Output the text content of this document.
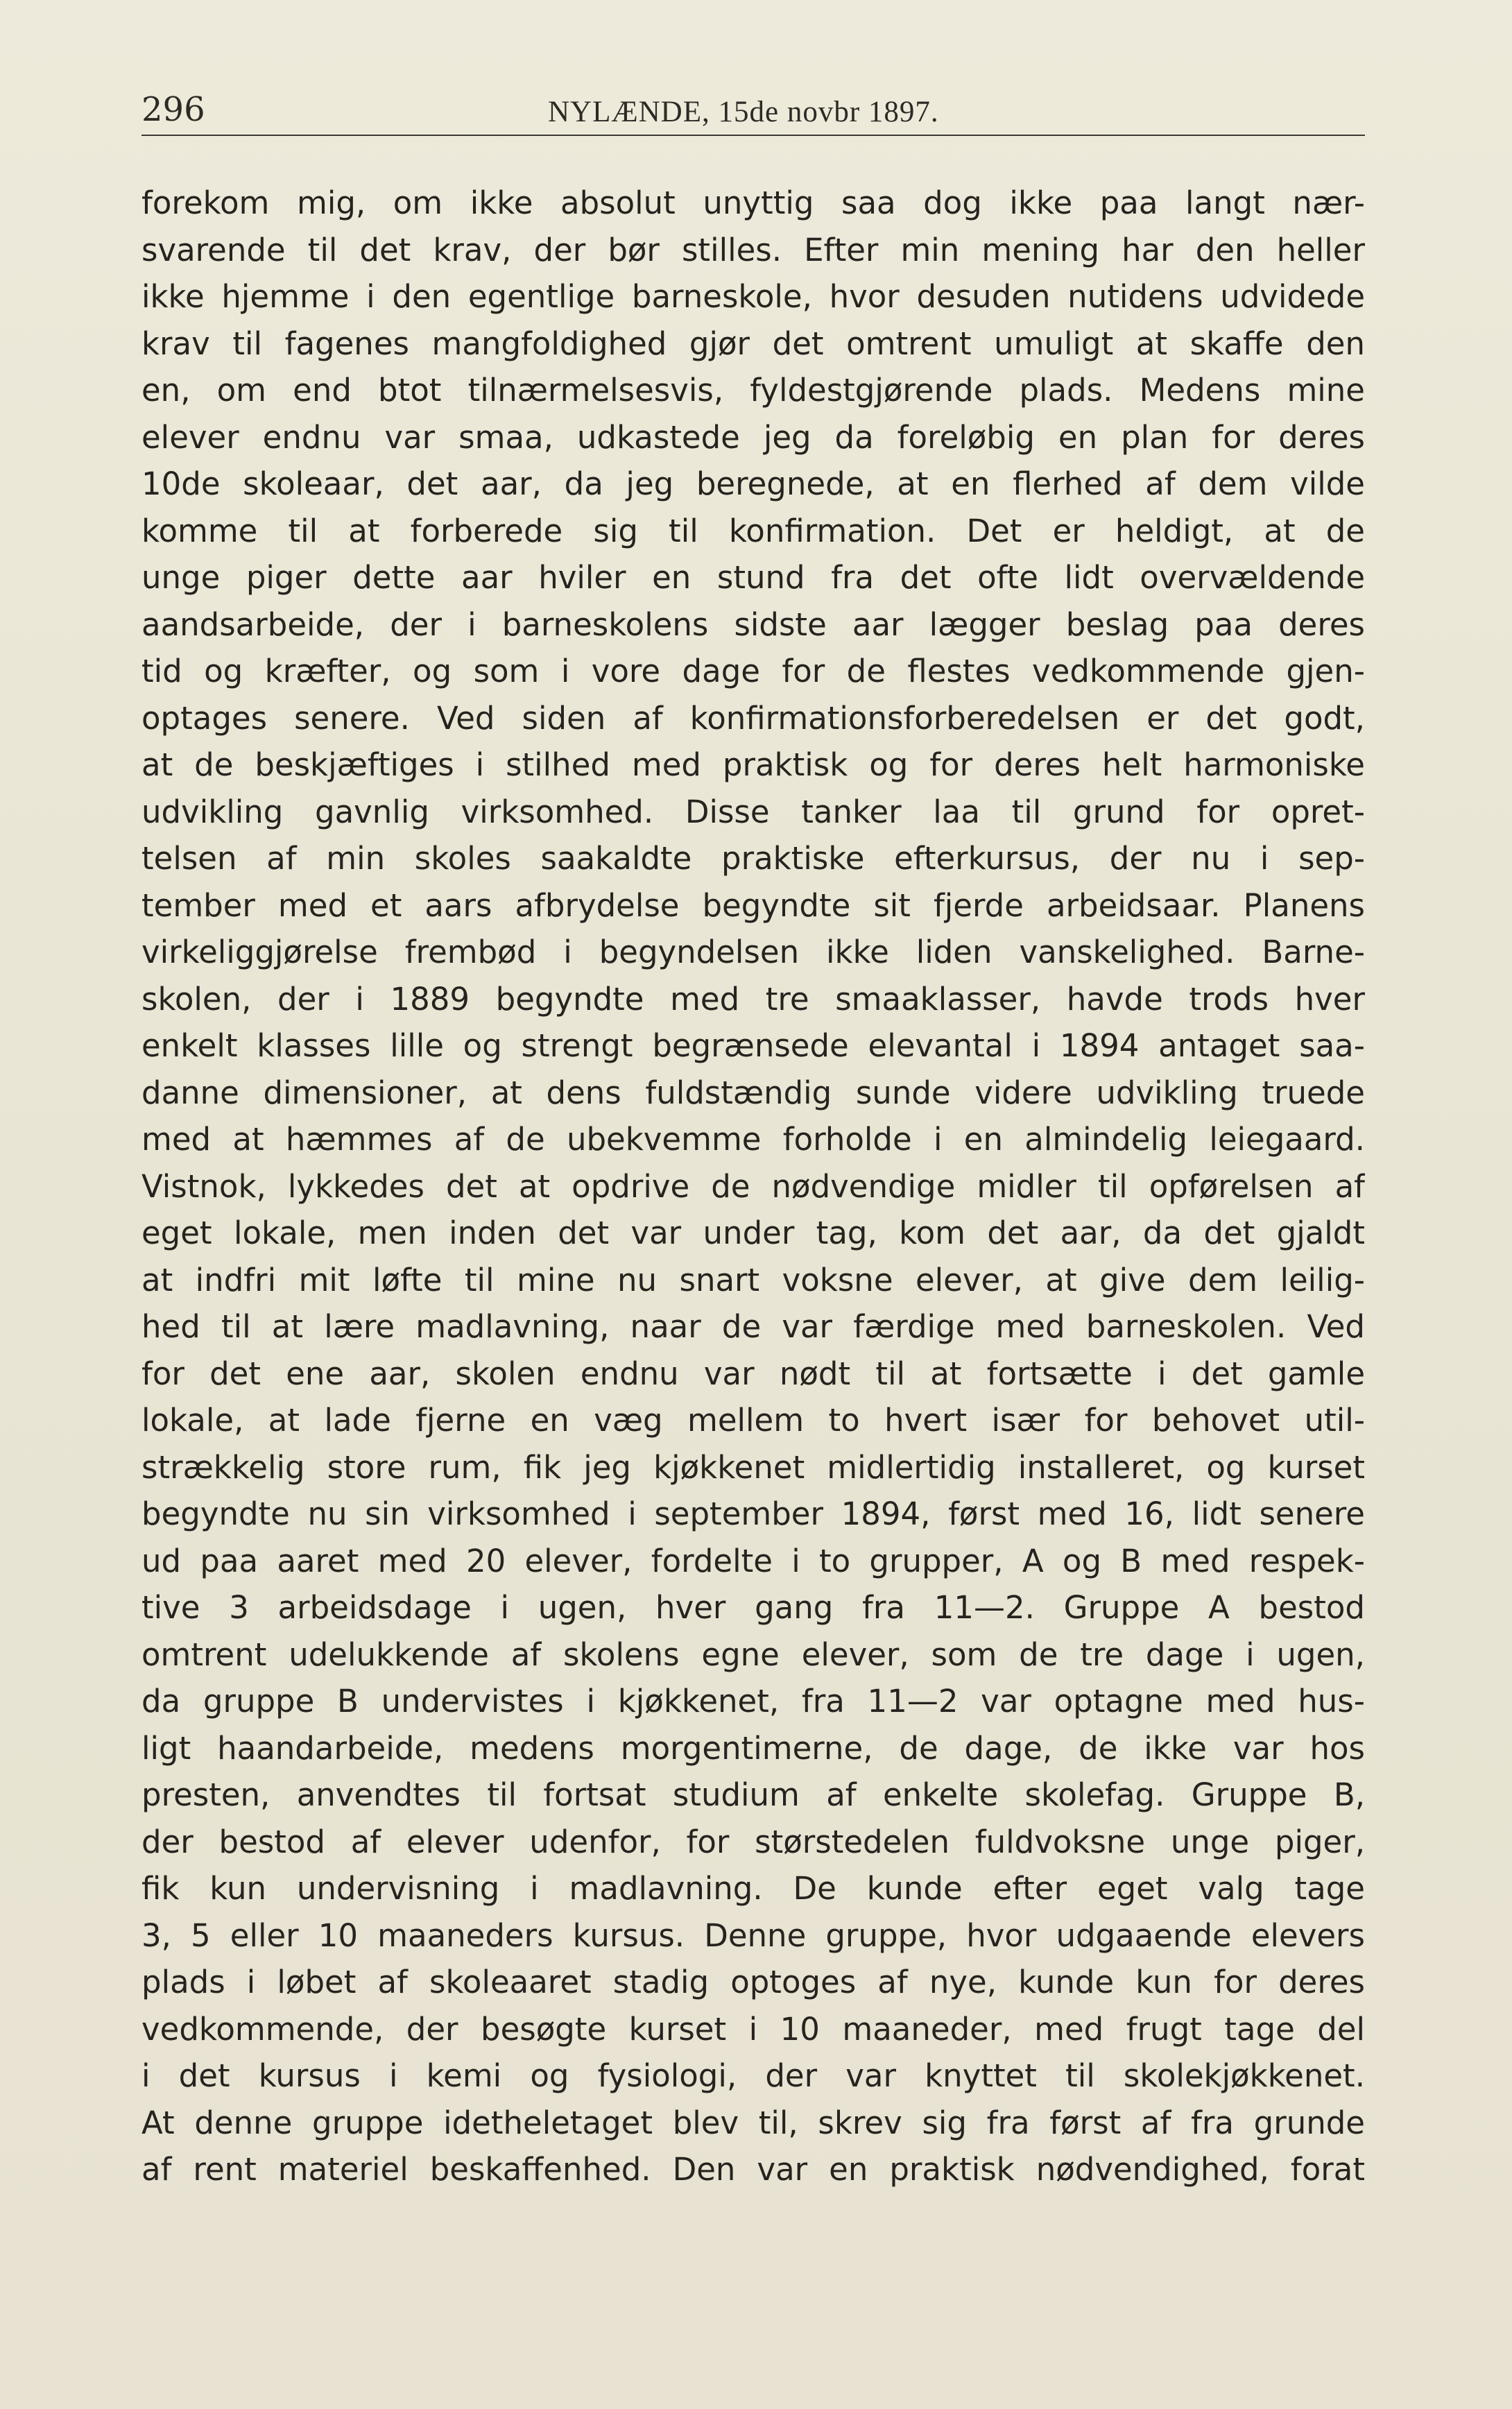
296	NYLÆNDE, 15de novbr 1897.
forekom mig, om ikke absolut unyttig saa dog ikke paa langt nær-
svarende til det krav, der bør stilles. Efter min mening har den heller
ikke hjemme i den egentlige barneskole, hvor desuden nutidens udvidede
krav til fagenes mangfoldighed gjør det omtrent umuligt at skaffe den
en, om end btot tilnærmelsesvis, fyldestgjørende plads. Medens mine
elever endnu var smaa, udkastede jeg da foreløbig en plan for deres
10de skoleaar, det aar, da jeg beregnede, at en flerhed af dem vilde
komme til at forberede sig til konfirmation. Det er heldigt, at de
unge piger dette aar hviler en stund fra det ofte lidt overvældende
aandsarbeide, der i barneskolens sidste aar lægger beslag paa deres
tid og kræfter, og som i vore dage for de flestes vedkommende gjen-
optages senere. Ved siden af konfirmationsforberedelsen er det godt,
at de beskjæftiges i stilhed med praktisk og for deres helt harmoniske
udvikling gavnlig virksomhed. Disse tanker laa til grund for opret-
telsen af min skoles saakaldte praktiske efterkursus, der nu i sep-
tember med et aars afbrydelse begyndte sit fjerde arbeidsaar. Planens
virkeliggjørelse frembød i begyndelsen ikke liden vanskelighed. Barne-
skolen, der i 1889 begyndte med tre smaaklasser, havde trods hver
enkelt klasses lille og strengt begrænsede elevantal i 1894 antaget saa-
danne dimensioner, at dens fuldstændig sunde videre udvikling truede
med at hæmmes af de ubekvemme forholde i en almindelig leiegaard.
Vistnok, lykkedes det at opdrive de nødvendige midler til opførelsen af
eget lokale, men inden det var under tag, kom det aar, da det gjaldt
at indfri mit løfte til mine nu snart voksne elever, at give dem leilig-
hed til at lære madlavning, naar de var færdige med barneskolen. Ved
for det ene aar, skolen endnu var nødt til at fortsætte i det gamle
lokale, at lade fjerne en væg mellem to hvert især for behovet util-
strækkelig store rum, fik jeg kjøkkenet midlertidig installeret, og kurset
begyndte nu sin virksomhed i september 1894, først med 16, lidt senere
ud paa aaret med 20 elever, fordelte i to grupper, A og B med respek-
tive 3 arbeidsdage i ugen, hver gang fra 11—2. Gruppe A bestod
omtrent udelukkende af skolens egne elever, som de tre dage i ugen,
da gruppe B undervistes i kjøkkenet, fra 11—2 var optagne med hus-
ligt haandarbeide, medens morgentimerne, de dage, de ikke var hos
presten, anvendtes til fortsat studium af enkelte skolefag. Gruppe B,
der bestod af elever udenfor, for størstedelen fuldvoksne unge piger,
fik kun undervisning i madlavning. De kunde efter eget valg tage
3, 5 eller 10 maaneders kursus. Denne gruppe, hvor udgaaende elevers
plads i løbet af skoleaaret stadig optoges af nye, kunde kun for deres
vedkommende, der besøgte kurset i 10 maaneder, med frugt tage del
i det kursus i kemi og fysiologi, der var knyttet til skolekjøkkenet.
At denne gruppe idetheletaget blev til, skrev sig fra først af fra grunde
af rent materiel beskaffenhed. Den var en praktisk nødvendighed, forat
